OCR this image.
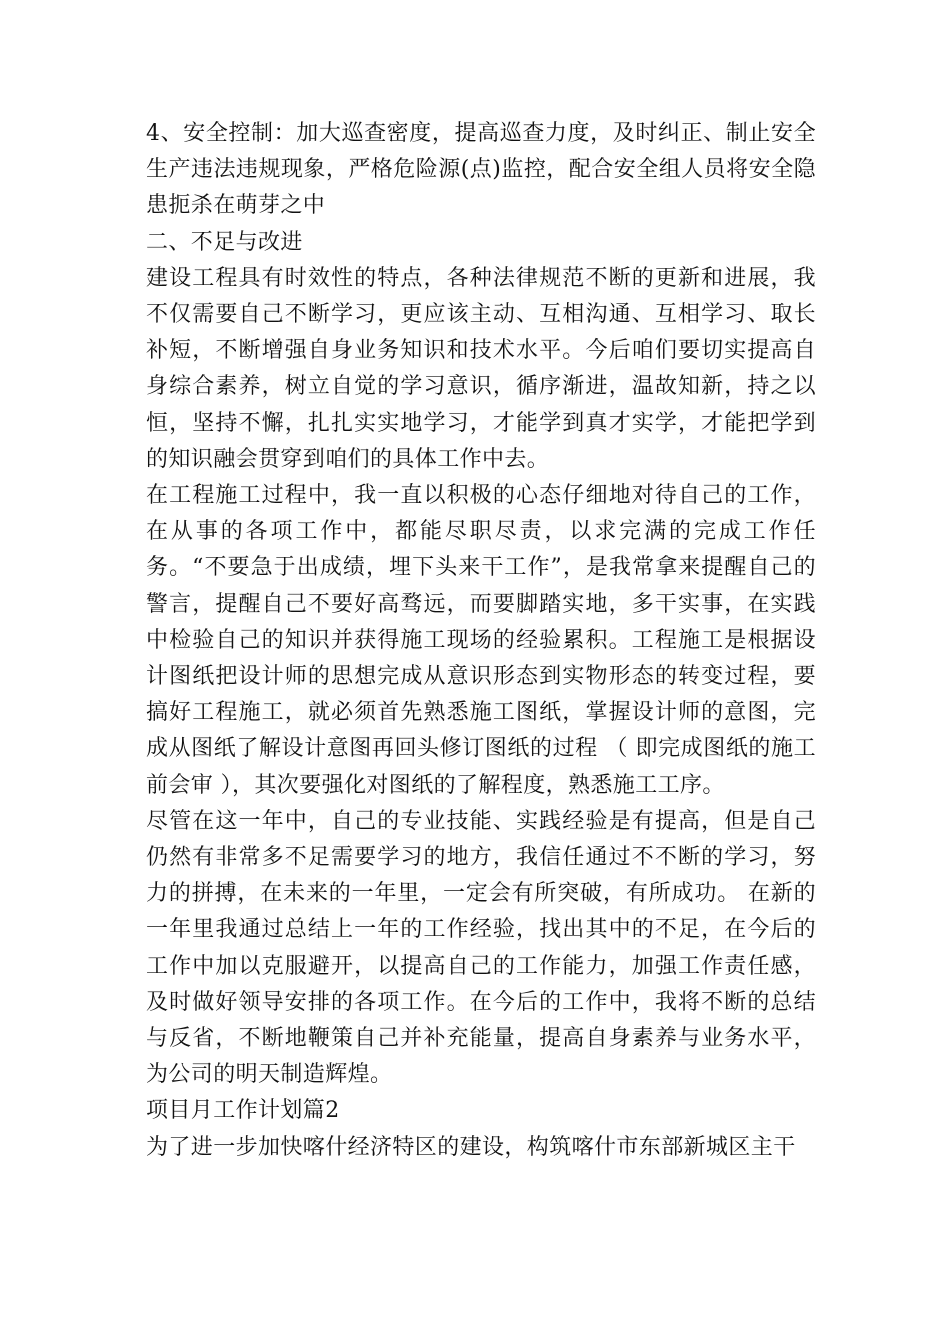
4、安全控制：加大巡查密度，提高巡查力度，及时纠正、制止安全生产违法违规现象，严格危险源(点)监控，配合安全组人员将安全隐患扼杀在萌芽之中

二、不足与改进

建设工程具有时效性的特点，各种法律规范不断的更新和进展，我不仅需要自己不断学习，更应该主动、互相沟通、互相学习、取长补短，不断增强自身业务知识和技术水平。今后咱们要切实提高自身综合素养，树立自觉的学习意识，循序渐进，温故知新，持之以恒，坚持不懈，扎扎实实地学习，才能学到真才实学，才能把学到的知识融会贯穿到咱们的具体工作中去。

在工程施工过程中，我一直以积极的心态仔细地对待自己的工作，在从事的各项工作中，都能尽职尽责，以求完满的完成工作任务。“不要急于出成绩，埋下头来干工作”，是我常拿来提醒自己的警言，提醒自己不要好高骛远，而要脚踏实地，多干实事，在实践中检验自己的知识并获得施工现场的经验累积。工程施工是根据设计图纸把设计师的思想完成从意识形态到实物形态的转变过程，要搞好工程施工，就必须首先熟悉施工图纸，掌握设计师的意图，完成从图纸了解设计意图再回头修订图纸的过程 （ 即完成图纸的施工前会审 ），其次要强化对图纸的了解程度，熟悉施工工序。

尽管在这一年中，自己的专业技能、实践经验是有提高，但是自己仍然有非常多不足需要学习的地方，我信任通过不不断的学习，努力的拼搏，在未来的一年里，一定会有所突破，有所成功。 在新的一年里我通过总结上一年的工作经验，找出其中的不足，在今后的工作中加以克服避开，以提高自己的工作能力，加强工作责任感，及时做好领导安排的各项工作。在今后的工作中，我将不断的总结与反省，不断地鞭策自己并补充能量，提高自身素养与业务水平，为公司的明天制造辉煌。

项目月工作计划篇2

为了进一步加快喀什经济特区的建设，构筑喀什市东部新城区主干
